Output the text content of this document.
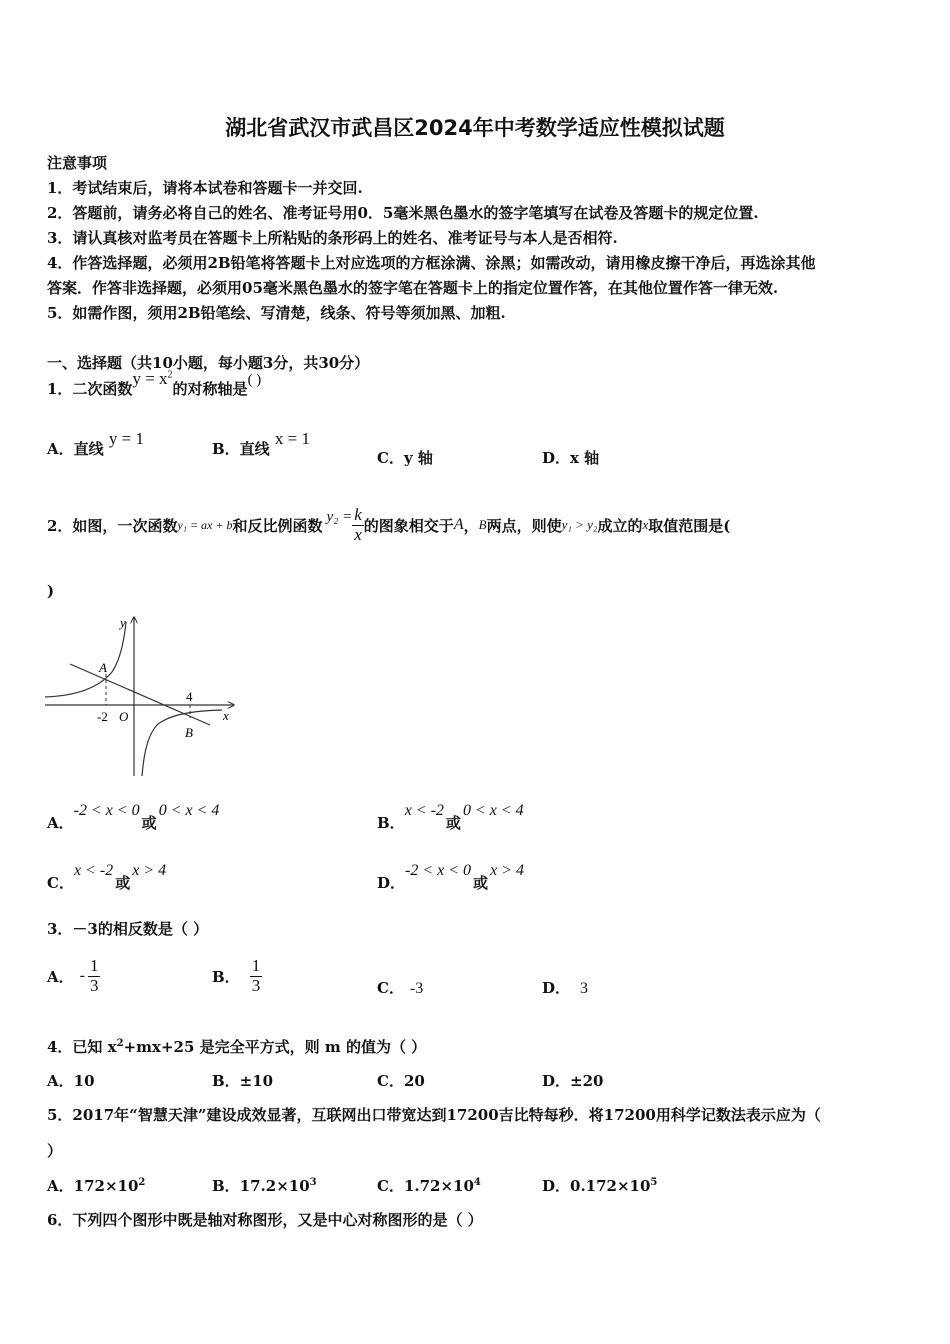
湖北省武汉市武昌区2024年中考数学适应性模拟试题
注意事项
1．考试结束后，请将本试卷和答题卡一并交回.
2．答题前，请务必将自己的姓名、准考证号用0．5毫米黑色墨水的签字笔填写在试卷及答题卡的规定位置.
3．请认真核对监考员在答题卡上所粘贴的条形码上的姓名、准考证号与本人是否相符.
4．作答选择题，必须用2B铅笔将答题卡上对应选项的方框涂满、涂黑；如需改动，请用橡皮擦干净后，再选涂其他
答案．作答非选择题，必须用05毫米黑色墨水的签字笔在答题卡上的指定位置作答，在其他位置作答一律无效.
5．如需作图，须用2B铅笔绘、写清楚，线条、符号等须加黑、加粗.
一、选择题（共10小题，每小题3分，共30分）
1．二次函数$y = x^2$的对称轴是( )
A．直线 y = 1
B．直线 x = 1
C．y 轴	D．x 轴
2．如图，一次函数 y₁ = ax + b 和反比例函数 $y_2 = \frac{k}{x}$ 的图象相交于 A ， B 两点，则使 y₁ > y₂ 成立的 x 取值范围是(
)
y
x
A
B
4
-2 O
A．-2 < x < 0或0 < x < 4
B．x < -2或0 < x < 4
C．x < -2或x > 4
D．-2 < x < 0或x > 4
3．－3的相反数是（ ）
A． - $\frac{1}{3}$	B． $\frac{1}{3}$	C． -3	D． 3
4．已知 $x^2+mx+25$ 是完全平方式，则 m 的值为（ ）
A．10	B．±10	C．20	D．±20
5．2017年“智慧天津”建设成效显著，互联网出口带宽达到17200吉比特每秒．将17200用科学记数法表示应为（
）
A．$172\times 10^2$	B．$17.2\times 10^3$	C．$1.72\times 10^4$	D．$0.172\times 10^5$
6．下列四个图形中既是轴对称图形，又是中心对称图形的是（ ）
